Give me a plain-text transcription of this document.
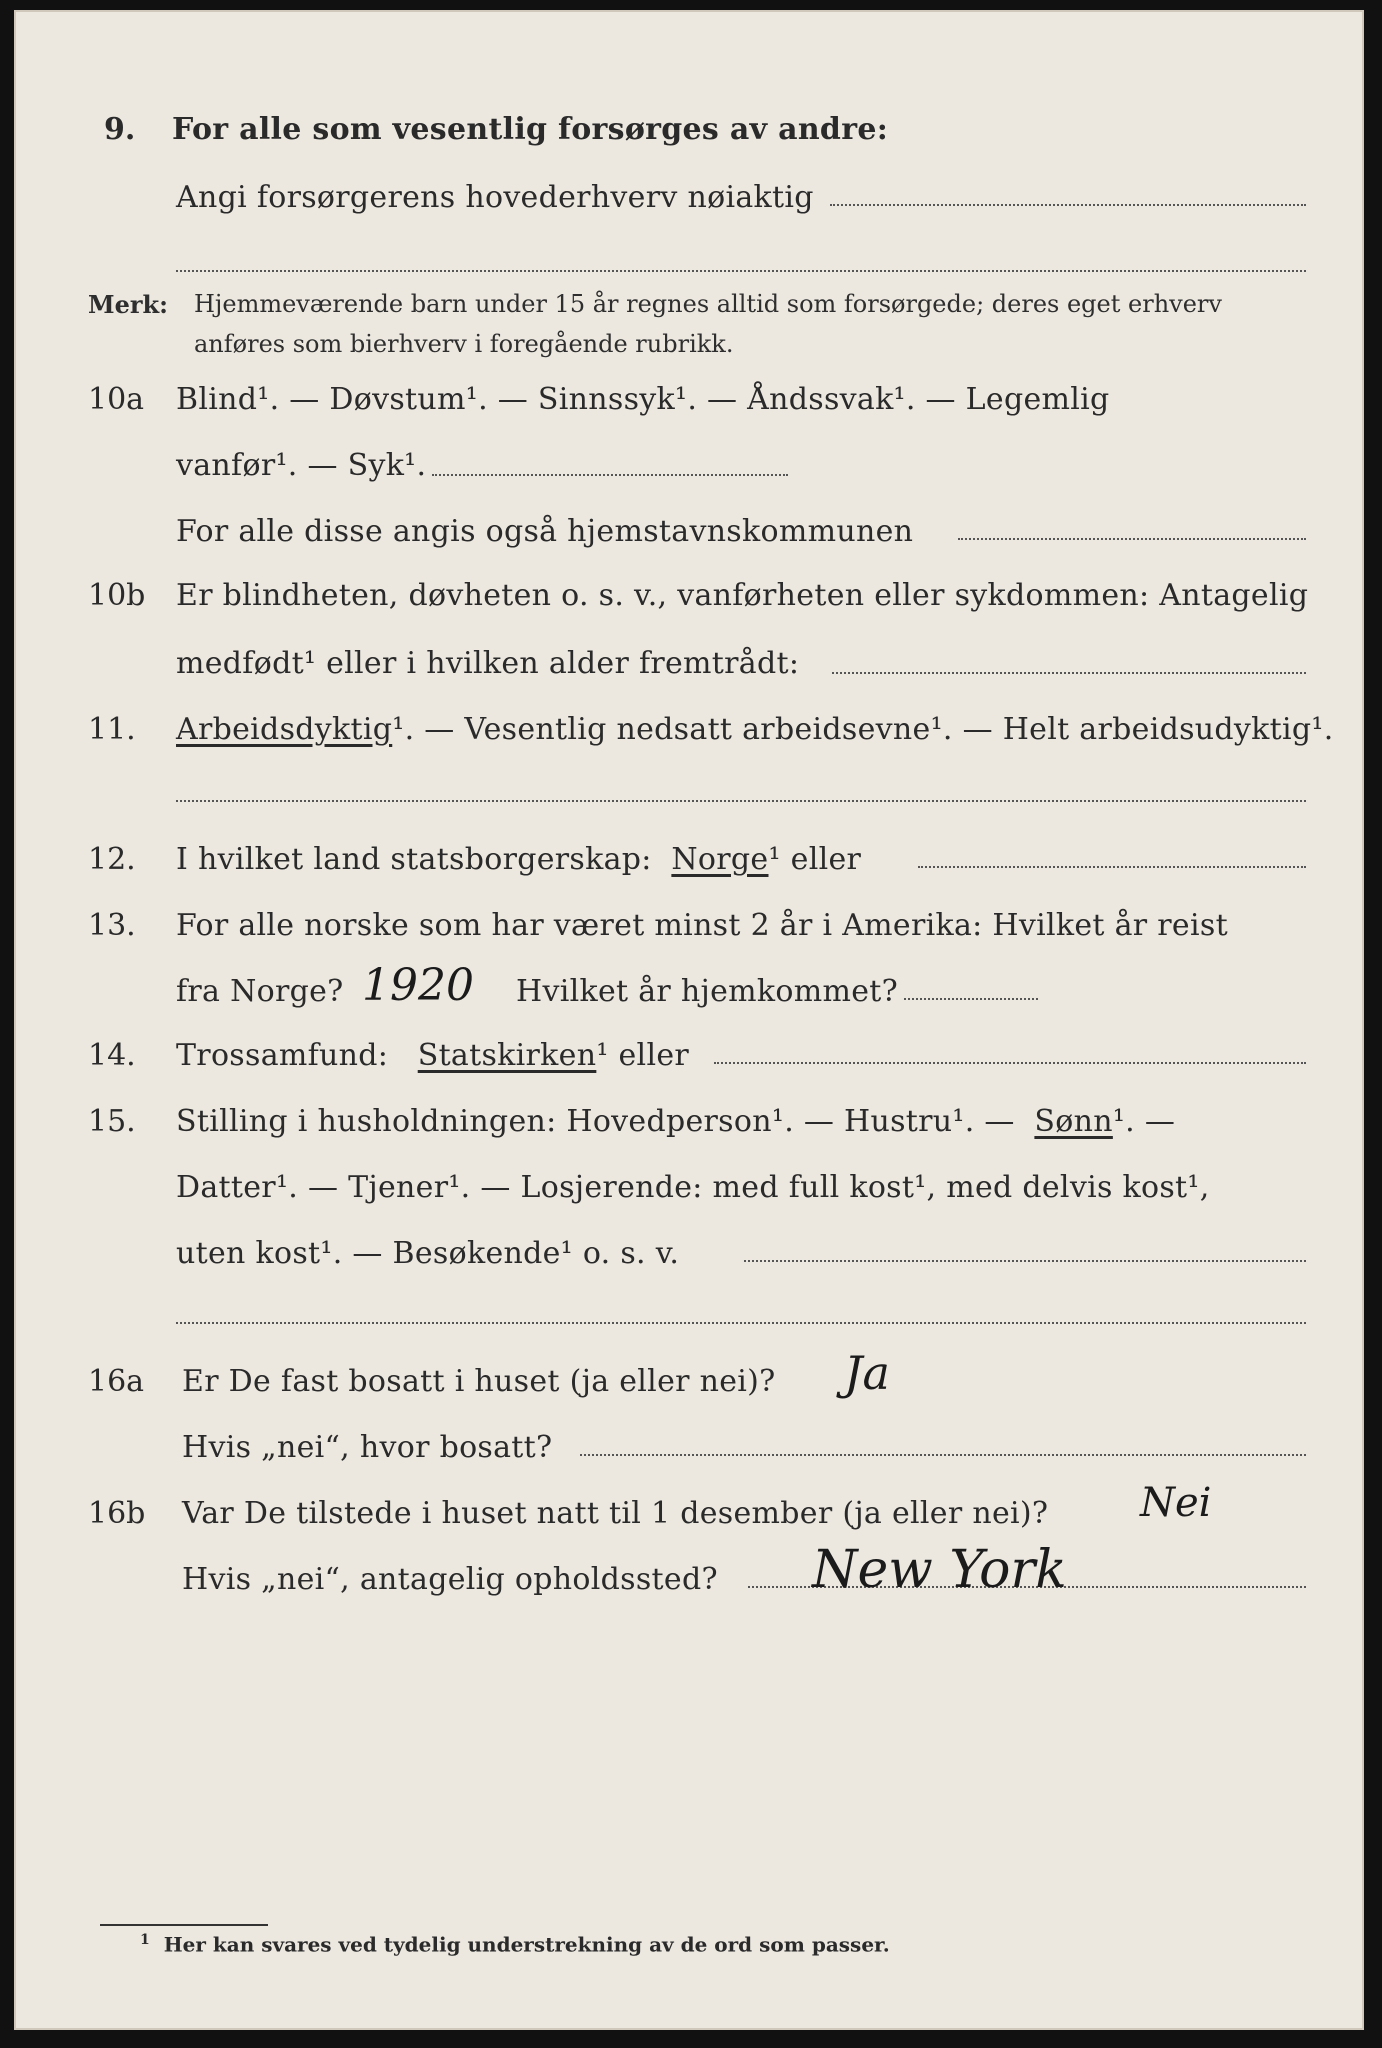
9. For alle som vesentlig forsørges av andre:
Angi forsørgerens hovederhverv nøiaktig
Merk: Hjemmeværende barn under 15 år regnes alltid som forsørgede; deres eget erhverv
anføres som bierhverv i foregående rubrikk.
10a Blind¹. — Døvstum¹. — Sinnssyk¹. — Åndssvak¹. — Legemlig
vanfør¹. — Syk¹.
For alle disse angis også hjemstavnskommunen
10b Er blindheten, døvheten o. s. v., vanførheten eller sykdommen: Antagelig
medfødt¹ eller i hvilken alder fremtrådt:
11. Arbeidsdyktig¹. — Vesentlig nedsatt arbeidsevne¹. — Helt arbeidsudyktig¹.
12. I hvilket land statsborgerskap: Norge¹ eller
13. For alle norske som har været minst 2 år i Amerika: Hvilket år reist
fra Norge? 1920 Hvilket år hjemkommet?
14. Trossamfund: Statskirken¹ eller
15. Stilling i husholdningen: Hovedperson¹. — Hustru¹. — Sønn¹. —
Datter¹. — Tjener¹. — Losjerende: med full kost¹, med delvis kost¹,
uten kost¹. — Besøkende¹ o. s. v.
16a Er De fast bosatt i huset (ja eller nei)? Ja
Hvis „nei“, hvor bosatt?
16b Var De tilstede i huset natt til 1 desember (ja eller nei)? Nei
Hvis „nei“, antagelig opholdssted? New York
$^1$ Her kan svares ved tydelig understrekning av de ord som passer.
